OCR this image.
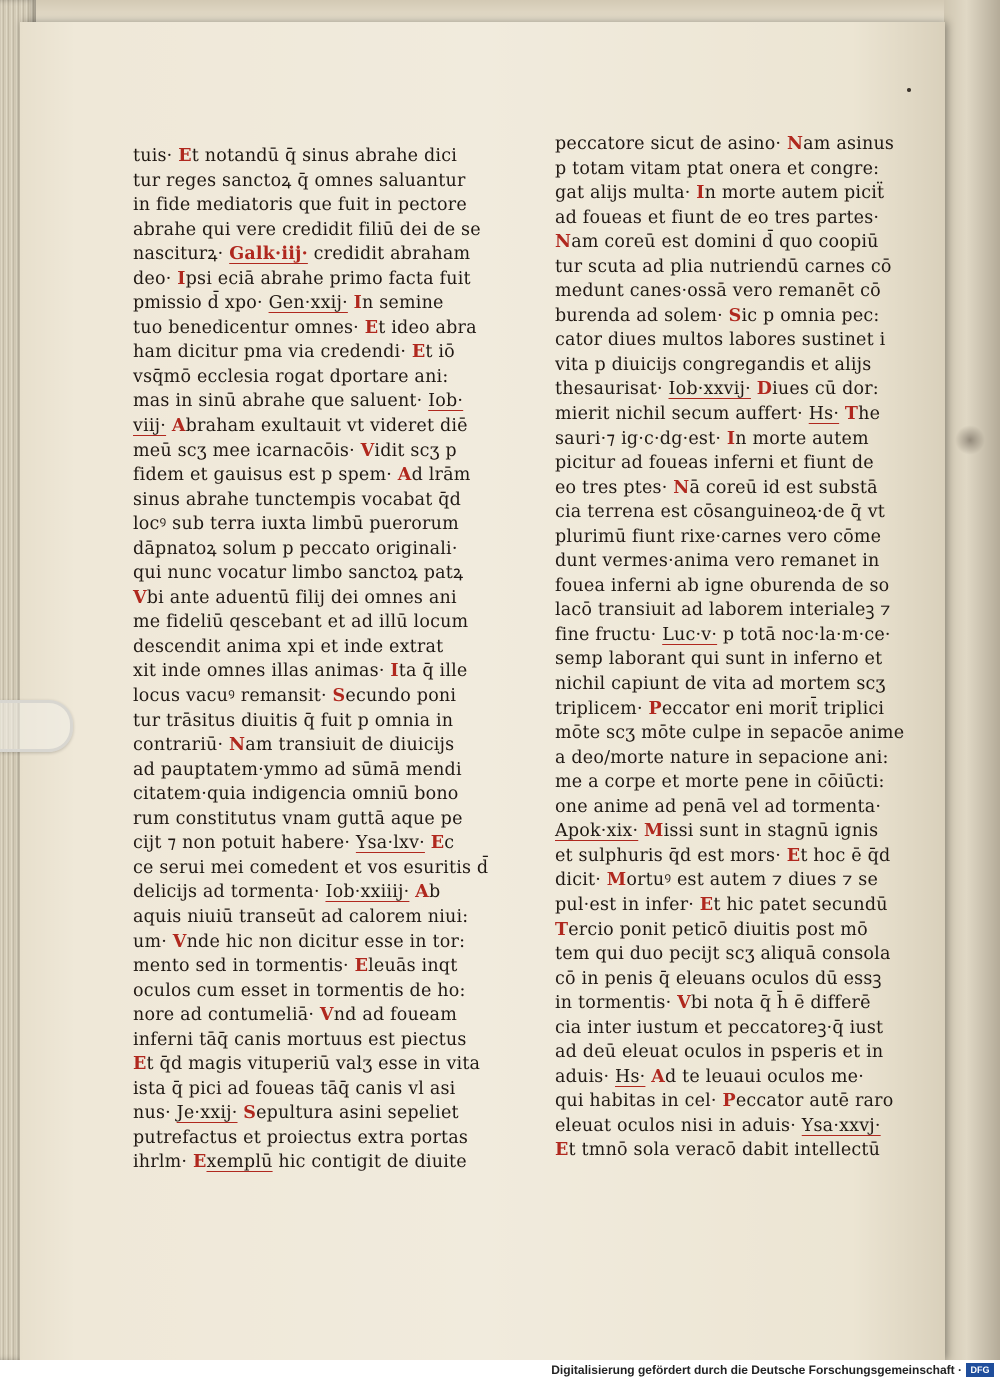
tuis· Et notandū q̄ sinus abrahe dici
tur reges sanctoꝝ q̄ omnes saluantur
in fide mediatoris que fuit in pectore
abrahe qui vere credidit filiū dei de se
nasciturꝝ· Galk·iij· credidit abraham
deo· Ipsi eciā abrahe primo facta fuit
pmissio d̄ xpo· Gen·xxij· In semine
tuo benedicentur omnes· Et ideo abra
ham dicitur pma via credendi· Et iō
vsq̄mō ecclesia rogat dportare ani:
mas in sinū abrahe que saluent· Iob·
viij· Abraham exultauit vt videret diē
meū scʒ mee icarnacōis· Vidit scʒ p
fidem et gauisus est p spem· Ad lrām
sinus abrahe tunctempis vocabat q̄d
locꝰ sub terra iuxta limbū puerorum
dāpnatoꝝ solum p peccato originali·
qui nunc vocatur limbo sanctoꝝ patꝝ
Vbi ante aduentū filij dei omnes ani
me fideliū qescebant et ad illū locum
descendit anima xpi et inde extrat
xit inde omnes illas animas· Ita q̄ ille
locus vacuꝰ remansit· Secundo poni
tur trāsitus diuitis q̄ fuit p omnia in
contrariū· Nam transiuit de diuicijs
ad pauptatem·ymmo ad sūmā mendi
citatem·quia indigencia omniū bono
rum constitutus vnam guttā aque pe
cijt ⁊ non potuit habere· Ysa·lxv· Ec
ce serui mei comedent et vos esuritis d̄
delicijs ad tormenta· Iob·xxiiij· Ab
aquis niuiū transeūt ad calorem niui:
um· Vnde hic non dicitur esse in tor:
mento sed in tormentis· Eleuās inqt
oculos cum esset in tormentis de ho:
nore ad contumeliā· Vnd ad foueam
inferni tāq̄ canis mortuus est piectus
Et q̄d magis vituperiū valʒ esse in vita
ista q̄ pici ad foueas tāq̄ canis vl asi
nus· Je·xxij· Sepultura asini sepeliet
putrefactus et proiectus extra portas
ihrlm· Exemplū hic contigit de diuite
peccatore sicut de asino· Nam asinus
p totam vitam ptat onera et congre:
gat alijs multa· In morte autem piciẗ
ad foueas et fiunt de eo tres partes·
Nam coreū est domini d̄ quo coopiū
tur scuta ad plia nutriendū carnes cō
medunt canes·ossā vero remanēt cō
burenda ad solem· Sic p omnia pec:
cator diues multos labores sustinet i
vita p diuicijs congregandis et alijs
thesaurisat· Iob·xxvij· Diues cū dor:
mierit nichil secum auffert· Hs· The
sauri·⁊ ig·c·dg·est· In morte autem
picitur ad foueas inferni et fiunt de
eo tres ptes· Nā coreū id est substā
cia terrena est cōsanguineoꝝ·de q̄ vt
plurimū fiunt rixe·carnes vero cōme
dunt vermes·anima vero remanet in
fouea inferni ab igne oburenda de so
lacō transiuit ad laborem interialeꝫ ⁊
fine fructu· Luc·v· p totā noc·la·m·ce·
semp laborant qui sunt in inferno et
nichil capiunt de vita ad mortem scʒ
triplicem· Peccator eni morit̄ triplici
mōte scʒ mōte culpe in sepacōe anime
a deo/morte nature in sepacione ani:
me a corpe et morte pene in cōiūcti:
one anime ad penā vel ad tormenta·
Apok·xix· Missi sunt in stagnū ignis
et sulphuris q̄d est mors· Et hoc ē q̄d
dicit· Mortuꝰ est autem ⁊ diues ⁊ se
pul·est in infer· Et hic patet secundū
Tercio ponit peticō diuitis post mō
tem qui duo pecijt scʒ aliquā consola
cō in penis q̄ eleuans oculos dū essꝫ
in tormentis· Vbi nota q̄ h̄ ē differē
cia inter iustum et peccatoreꝫ·q̄ iust
ad deū eleuat oculos in psperis et in
aduis· Hs· Ad te leuaui oculos me·
qui habitas in cel· Peccator autē raro
eleuat oculos nisi in aduis· Ysa·xxvj·
Et tmnō sola veracō dabit intellectū
Digitalisierung gefördert durch die Deutsche Forschungsgemeinschaft · DFG
